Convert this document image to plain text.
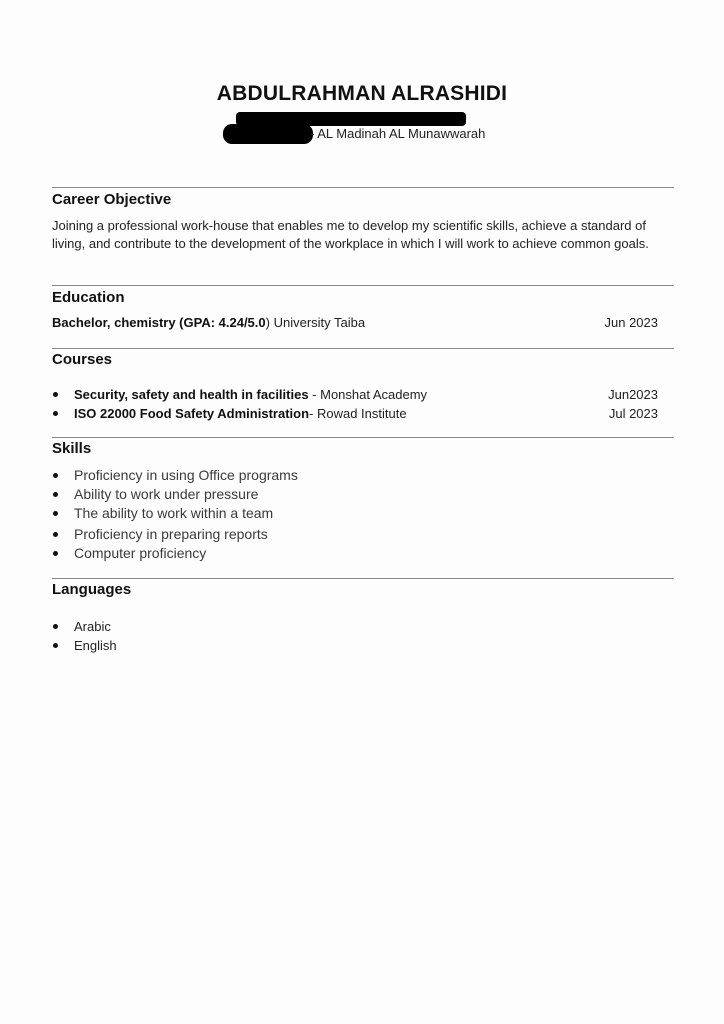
ABDULRAHMAN ALRASHIDI
- AL Madinah AL Munawwarah
Career Objective
Joining a professional work-house that enables me to develop my scientific skills, achieve a standard of living, and contribute to the development of the workplace in which I will work to achieve common goals.
Education
Bachelor, chemistry (GPA: 4.24/5.0) University Taiba	Jun 2023
Courses
Security, safety and health in facilities - Monshat Academy	Jun2023
ISO 22000 Food Safety Administration- Rowad Institute	Jul 2023
Skills
Proficiency in using Office programs
Ability to work under pressure
The ability to work within a team
Proficiency in preparing reports
Computer proficiency
Languages
Arabic
English
